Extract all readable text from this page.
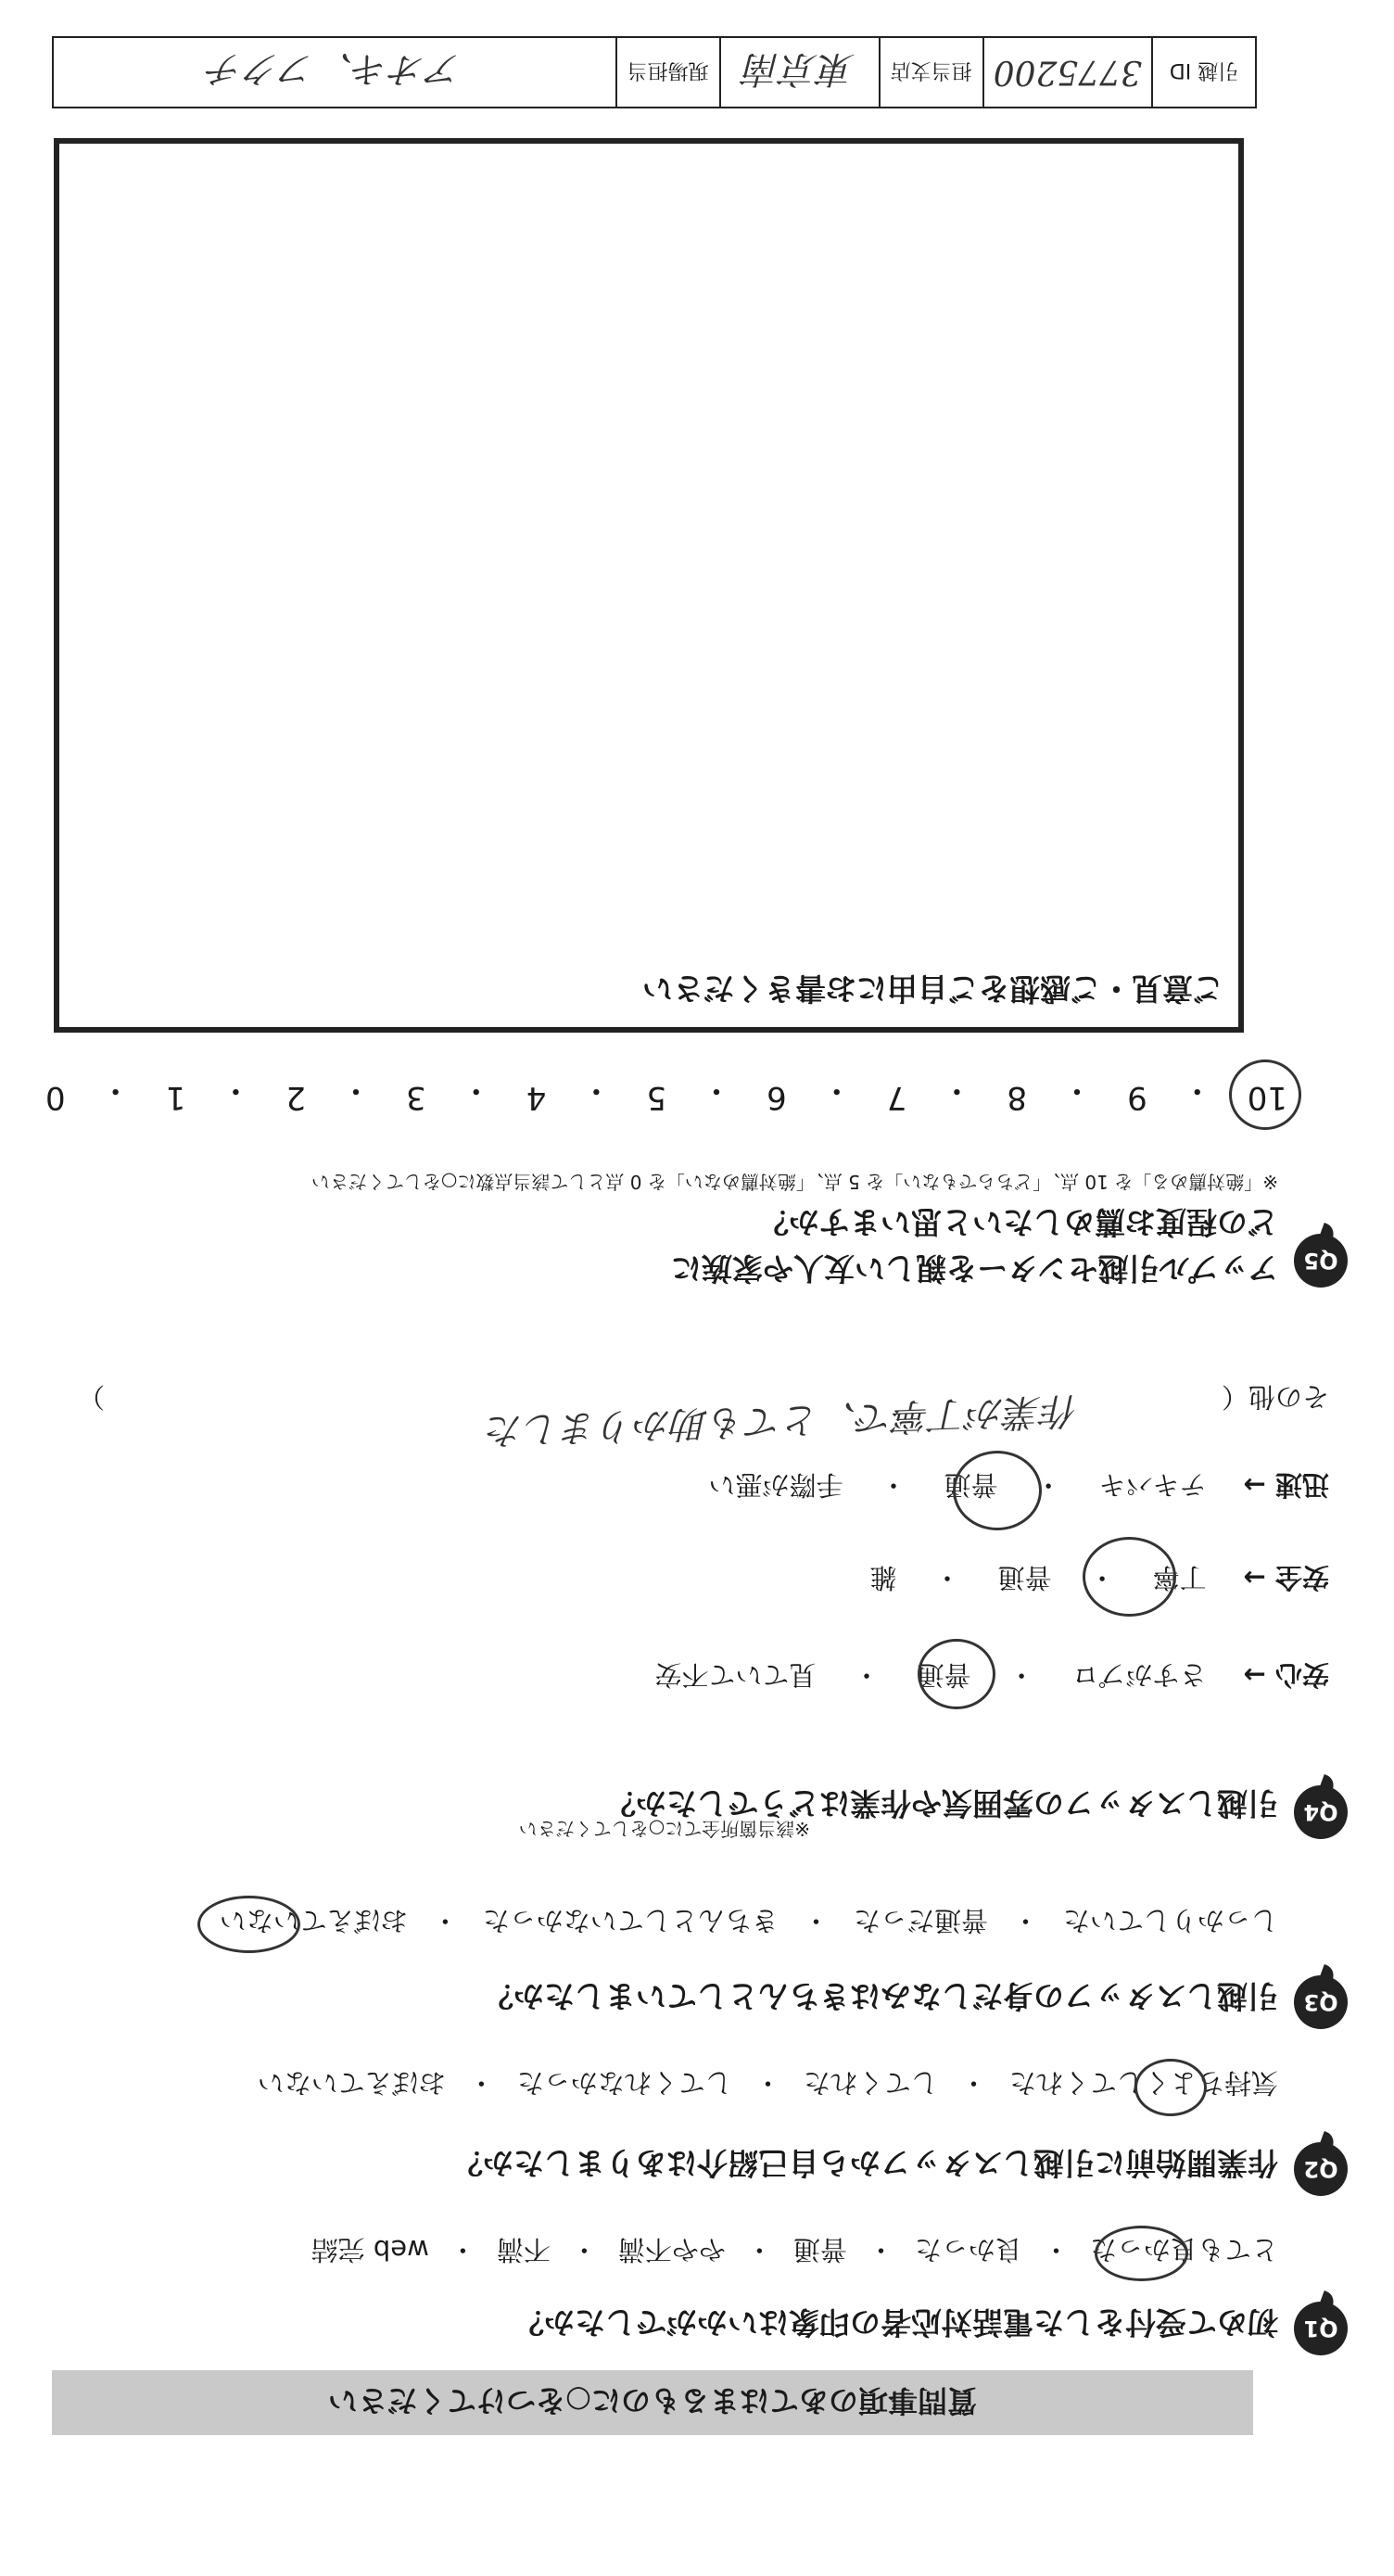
質問事項のあてはまるものに○をつけてください
Q1
初めて受付をした電話対応者の印象はいかがでしたか？
とても良かった
・
良かった
・
普通
・
やや不満
・
不満
・
web 完結
Q2
作業開始前に引越しスタッフから自己紹介はありましたか？
気持ちよくしてくれた
・
してくれた
・
してくれなかった
・
おぼえていない
Q3
引越しスタッフの身だしなみはきちんとしていましたか？
しっかりしていた
・
普通だった
・
きちんとしていなかった
・
おぼえていない
Q4
引越しスタッフの雰囲気や作業はどうでしたか？
※該当箇所全てに○をしてください
安心 →
さすがプロ
・
普通
・
見ていて不安
安全 →
丁寧
・
普通
・
雑
迅速 →
テキパキ
・
普通
・
手際が悪い
その他（
）	作業が丁寧で、とても助かりました
Q5
アップル引越センターを親しい友人や家族に
どの程度お薦めしたいと思いますか？
※「絶対薦める」を 10 点、「どちらでもない」を 5 点、「絶対薦めない」を 0 点として該当点数に○をしてください
10
・
9
・
8
・
7
・
6
・
5
・
4
・
3
・
2
・
1
・
0
ご意見・ご感想をご自由にお書きください
引越 ID	3775200	担当支店	東京南	現場担当	アオキ、フクチ
